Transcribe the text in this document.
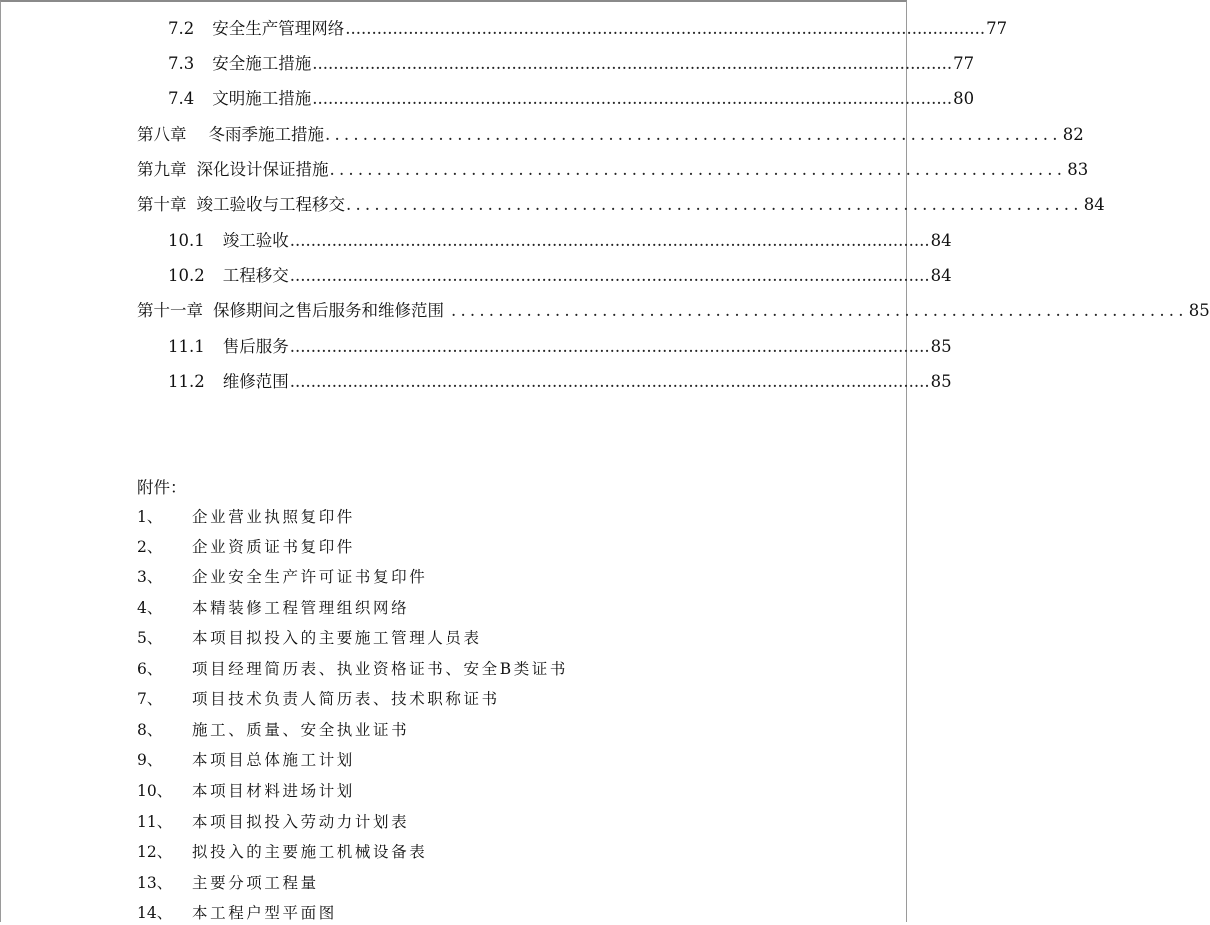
7.2 安全生产管理网络 .......................................................................................................................... 77
7.3 安全施工措施 .......................................................................................................................... 77
7.4 文明施工措施 .......................................................................................................................... 80
第八章 冬雨季施工措施 .............................................................................. 82
第九章 深化设计保证措施 .............................................................................. 83
第十章 竣工验收与工程移交 .............................................................................. 84
10.1 竣工验收 .......................................................................................................................... 84
10.2 工程移交 .......................................................................................................................... 84
第十一章 保修期间之售后服务和维修范围 .............................................................................. 85
11.1 售后服务 .......................................................................................................................... 85
11.2 维修范围 .......................................................................................................................... 85
附件：
1、 企业营业执照复印件
2、 企业资质证书复印件
3、 企业安全生产许可证书复印件
4、 本精装修工程管理组织网络
5、 本项目拟投入的主要施工管理人员表
6、 项目经理简历表、执业资格证书、安全B类证书
7、 项目技术负责人简历表、技术职称证书
8、 施工、质量、安全执业证书
9、 本项目总体施工计划
10、 本项目材料进场计划
11、 本项目拟投入劳动力计划表
12、 拟投入的主要施工机械设备表
13、 主要分项工程量
14、 本工程户型平面图
